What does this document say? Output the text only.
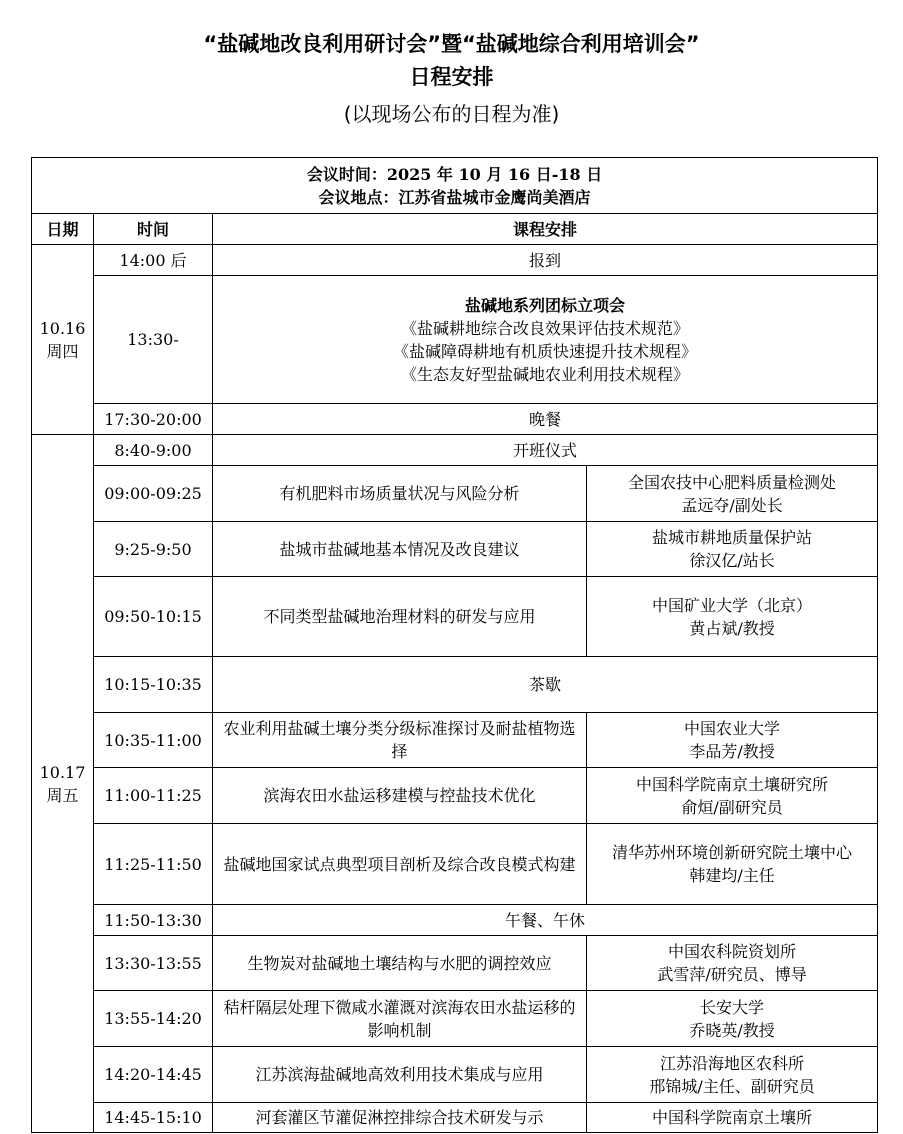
“盐碱地改良利用研讨会”暨“盐碱地综合利用培训会”
日程安排
(以现场公布的日程为准)
会议时间：2025 年 10 月 16 日-18 日
会议地点：江苏省盐城市金鹰尚美酒店			

日期	时间	课程安排	

10.16
周四	14:00 后	报到	
	13:30-	盐碱地系列团标立项会
《盐碱耕地综合改良效果评估技术规范》
《盐碱障碍耕地有机质快速提升技术规程》
《生态友好型盐碱地农业利用技术规程》	

	17:30-20:00	晚餐	

10.17
周五	8:40-9:00	开班仪式	
	09:00-09:25	有机肥料市场质量状况与风险分析	全国农技中心肥料质量检测处
孟远夺/副处长

	9:25-9:50	盐城市盐碱地基本情况及改良建议	盐城市耕地质量保护站
徐汉亿/站长

	09:50-10:15	不同类型盐碱地治理材料的研发与应用	中国矿业大学（北京）
黄占斌/教授

	10:15-10:35	茶歇	
	10:35-11:00	农业利用盐碱土壤分类分级标准探讨及耐盐植物选择	中国农业大学
李品芳/教授

	11:00-11:25	滨海农田水盐运移建模与控盐技术优化	中国科学院南京土壤研究所
俞烜/副研究员

	11:25-11:50	盐碱地国家试点典型项目剖析及综合改良模式构建	清华苏州环境创新研究院土壤中心
韩建均/主任

	11:50-13:30	午餐、午休	
	13:30-13:55	生物炭对盐碱地土壤结构与水肥的调控效应	中国农科院资划所
武雪萍/研究员、博导

	13:55-14:20	秸杆隔层处理下微咸水灌溉对滨海农田水盐运移的影响机制	长安大学
乔晓英/教授

	14:20-14:45	江苏滨海盐碱地高效利用技术集成与应用	江苏沿海地区农科所
邢锦城/主任、副研究员

	14:45-15:10	河套灌区节灌促淋控排综合技术研发与示	中国科学院南京土壤所
